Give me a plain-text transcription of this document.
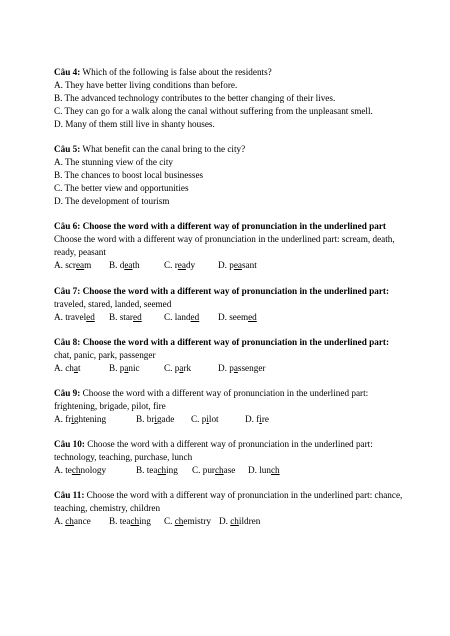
Câu 4: Which of the following is false about the residents?
A. They have better living conditions than before.
B. The advanced technology contributes to the better changing of their lives.
C. They can go for a walk along the canal without suffering from the unpleasant smell.
D. Many of them still live in shanty houses.
Câu 5: What benefit can the canal bring to the city?
A. The stunning view of the city
B. The chances to boost local businesses
C. The better view and opportunities
D. The development of tourism
Câu 6: Choose the word with a different way of pronunciation in the underlined part
Choose the word with a different way of pronunciation in the underlined part: scream, death, ready, peasant
A. scream B. death	C. ready D. peasant
Câu 7: Choose the word with a different way of pronunciation in the underlined part: traveled, stared, landed, seemed
A. traveled B. stared C. landed D. seemed
Câu 8: Choose the word with a different way of pronunciation in the underlined part: chat, panic, park, passenger
A. chat	B. panic	C. park	D. passenger
Câu 9: Choose the word with a different way of pronunciation in the underlined part: frightening, brigade, pilot, fire
A. frightening	B. brigade C. pilot	D. fire
Câu 10: Choose the word with a different way of pronunciation in the underlined part: technology, teaching, purchase, lunch
A. technology	B. teaching C. purchase D. lunch
Câu 11: Choose the word with a different way of pronunciation in the underlined part: chance, teaching, chemistry, children
A. chance B. teaching C. chemistry D. children
